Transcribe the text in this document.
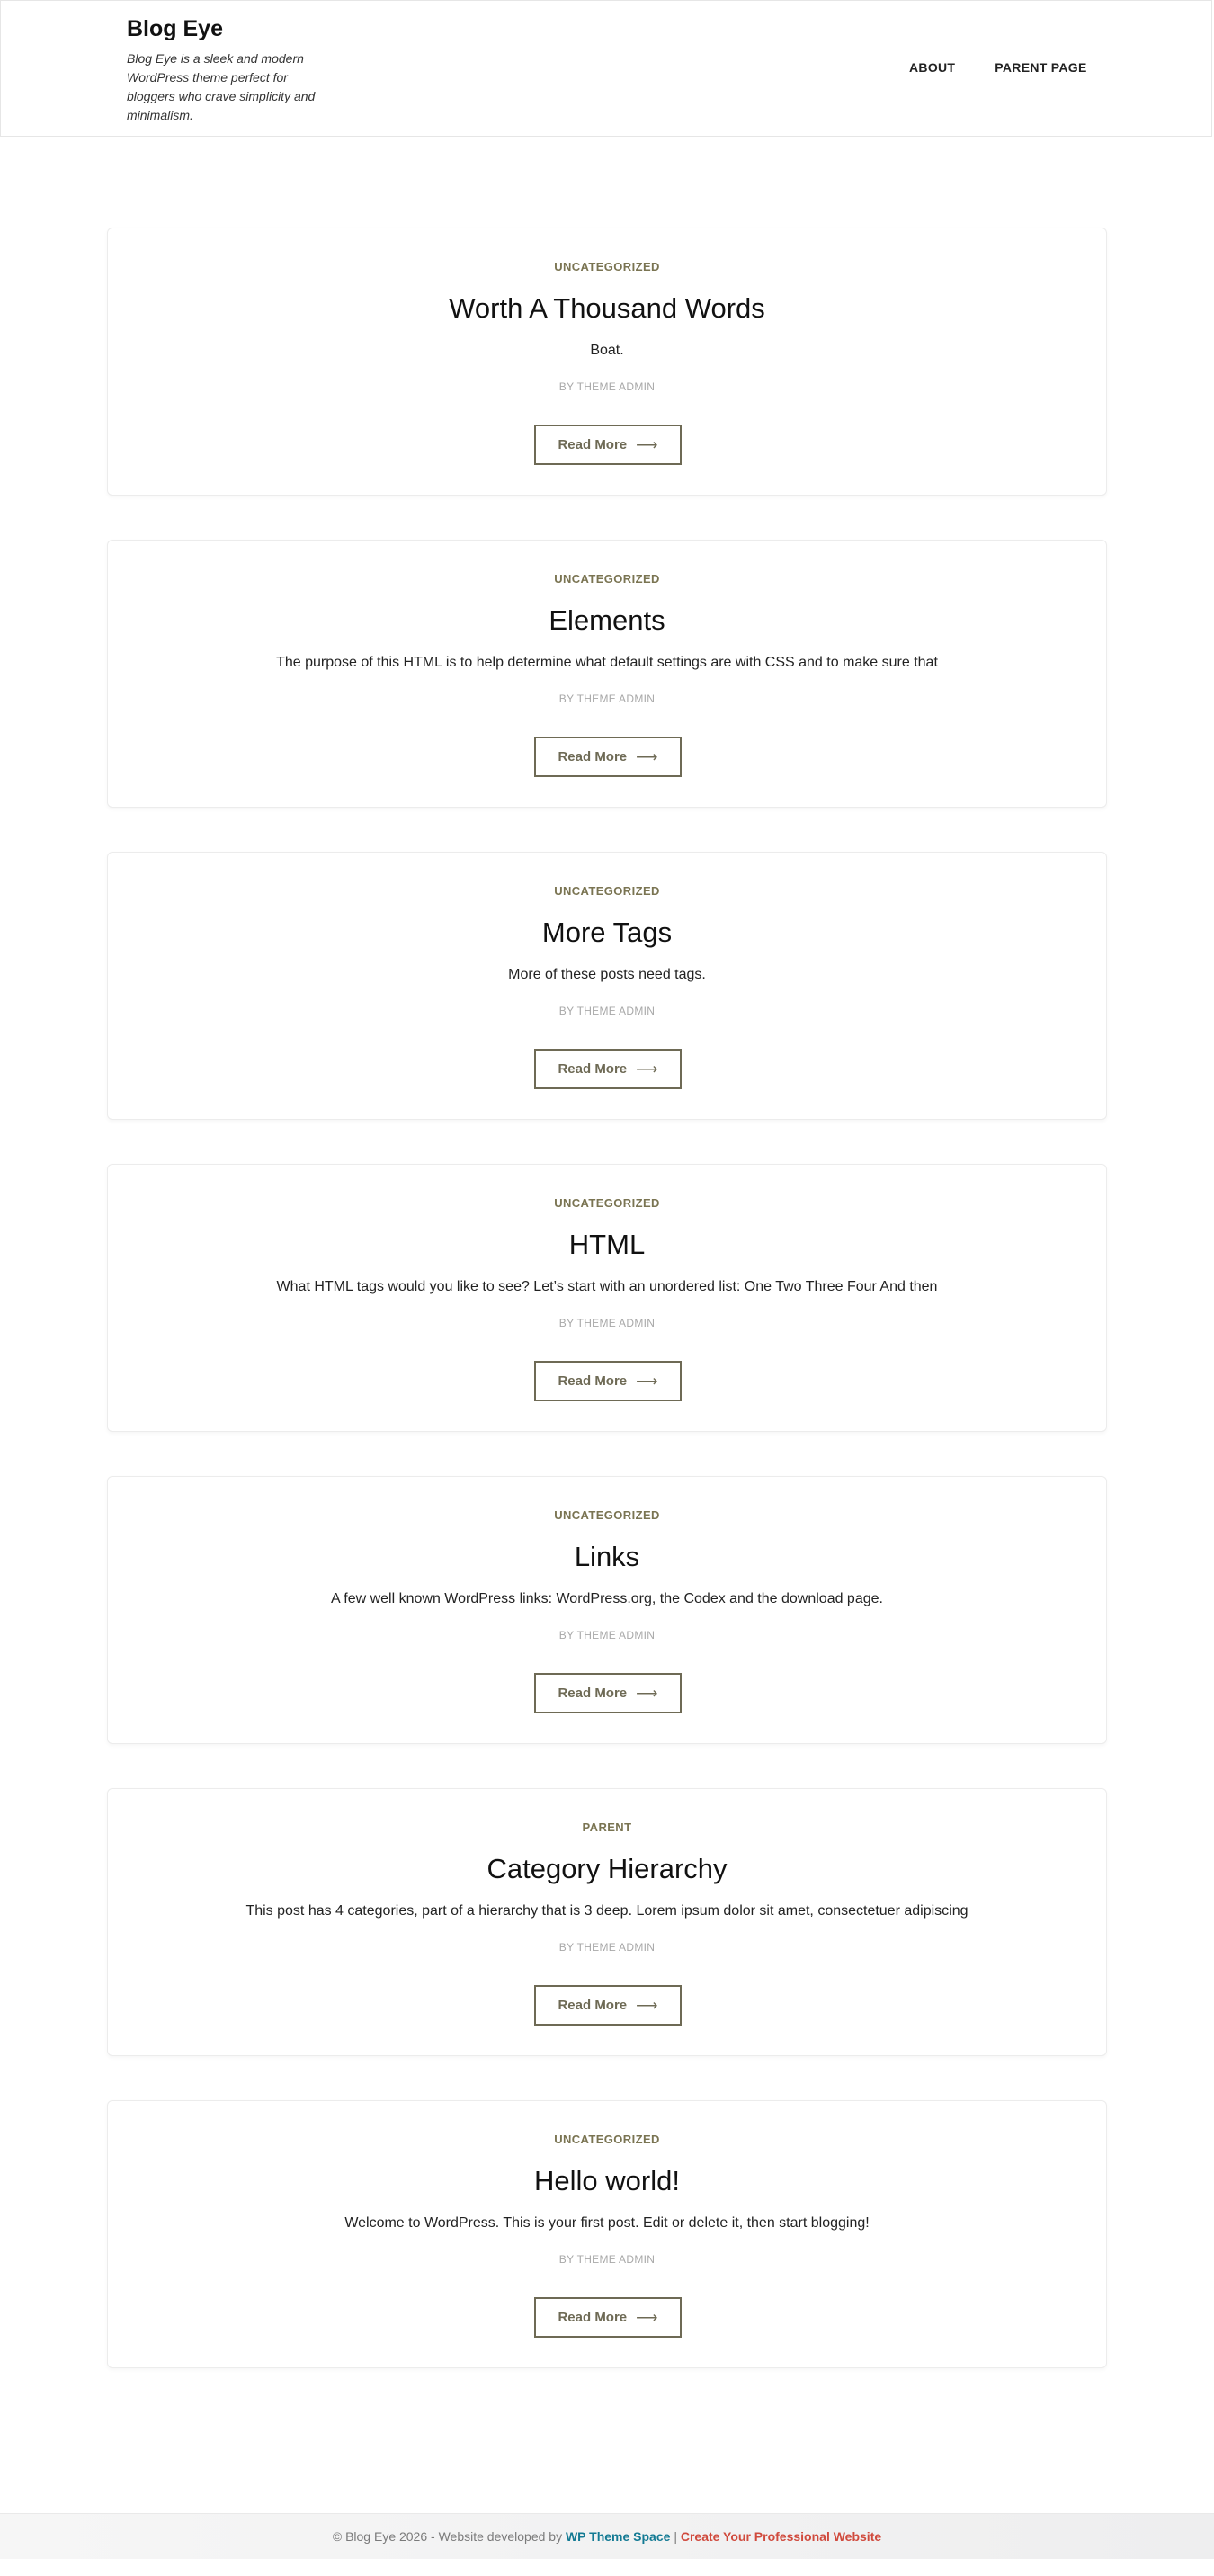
Blog Eye
Blog Eye is a sleek and modern WordPress theme perfect for bloggers who crave simplicity and minimalism.
ABOUT	PARENT PAGE
UNCATEGORIZED
Worth A Thousand Words
Boat.
BY THEME ADMIN
Read More ⟶
UNCATEGORIZED
Elements
The purpose of this HTML is to help determine what default settings are with CSS and to make sure that
BY THEME ADMIN
Read More ⟶
UNCATEGORIZED
More Tags
More of these posts need tags.
BY THEME ADMIN
Read More ⟶
UNCATEGORIZED
HTML
What HTML tags would you like to see? Let’s start with an unordered list: One Two Three Four And then
BY THEME ADMIN
Read More ⟶
UNCATEGORIZED
Links
A few well known WordPress links: WordPress.org, the Codex and the download page.
BY THEME ADMIN
Read More ⟶
PARENT
Category Hierarchy
This post has 4 categories, part of a hierarchy that is 3 deep. Lorem ipsum dolor sit amet, consectetuer adipiscing
BY THEME ADMIN
Read More ⟶
UNCATEGORIZED
Hello world!
Welcome to WordPress. This is your first post. Edit or delete it, then start blogging!
BY THEME ADMIN
Read More ⟶
© Blog Eye 2026 - Website developed by WP Theme Space | Create Your Professional Website
